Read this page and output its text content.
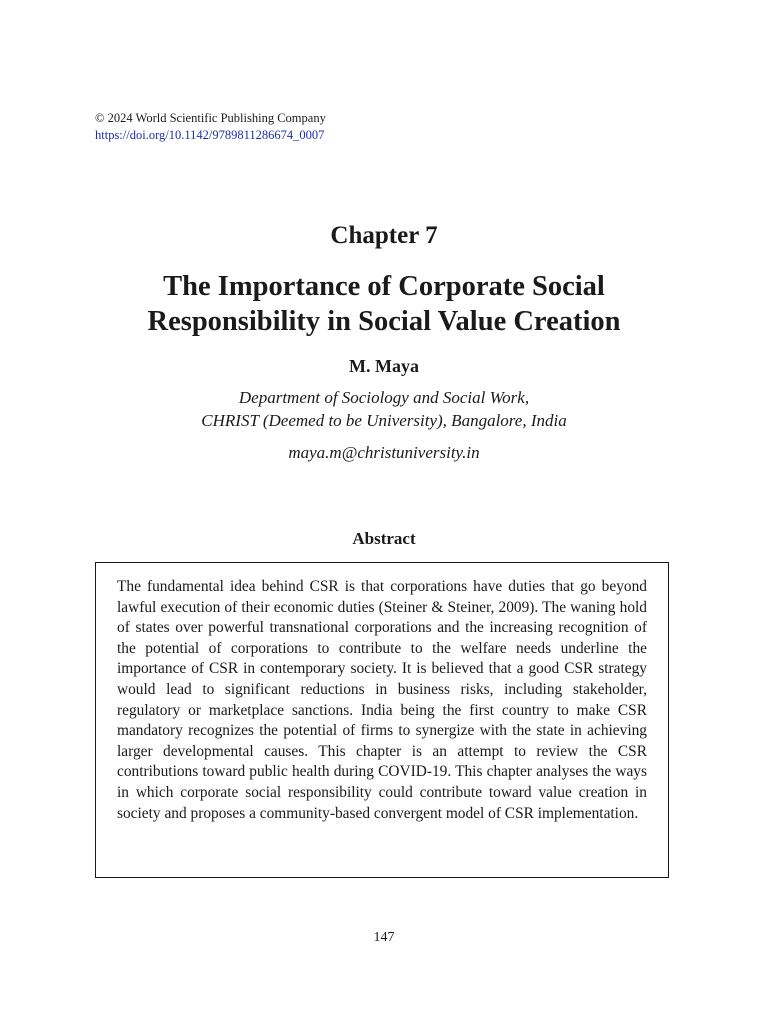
© 2024 World Scientific Publishing Company

https://doi.org/10.1142/9789811286674_0007
Chapter 7
The Importance of Corporate Social
Responsibility in Social Value Creation

M. Maya

Department of Sociology and Social Work,
CHRIST (Deemed to be University), Bangalore, India

maya.m@christuniversity.in

Abstract

The fundamental idea behind CSR is that corporations have duties that go beyond lawful execution of their economic duties (Steiner & Steiner, 2009). The waning hold of states over powerful transnational corporations and the increasing recognition of the potential of corporations to contribute to the welfare needs underline the importance of CSR in contemporary society. It is believed that a good CSR strategy would lead to significant reductions in business risks, including stakeholder, regulatory or marketplace sanctions. India being the first country to make CSR mandatory recognizes the potential of firms to synergize with the state in achieving larger developmental causes. This chapter is an attempt to review the CSR contributions toward public health during COVID-19. This chapter analyses the ways in which corporate social responsibility could contribute toward value creation in society and proposes a community-based convergent model of CSR implementation.

147
